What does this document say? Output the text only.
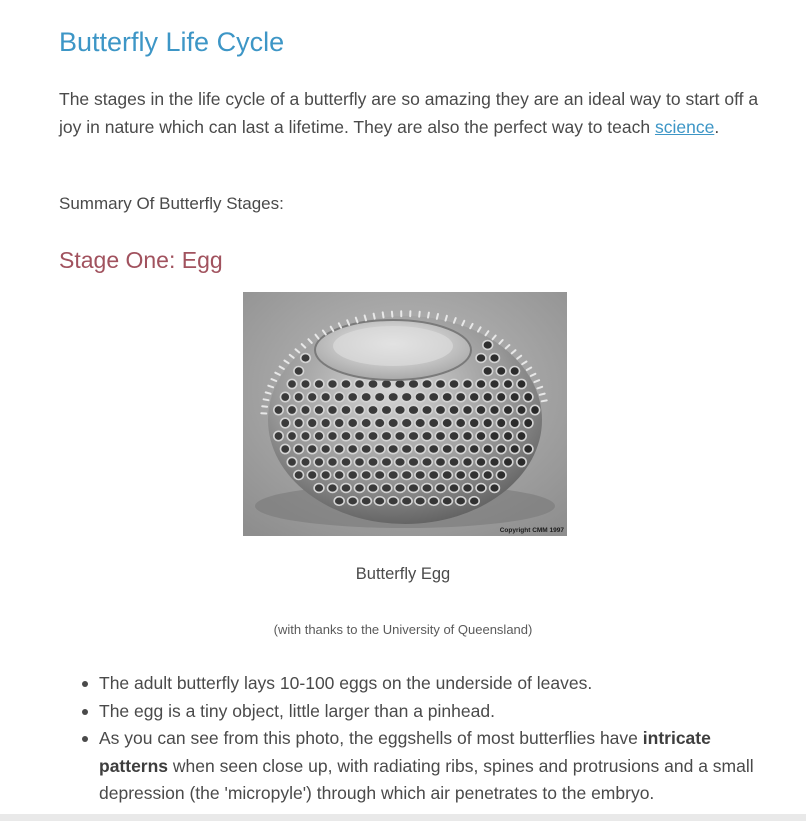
Butterfly Life Cycle

The stages in the life cycle of a butterfly are so amazing they are an ideal way to start off a joy in nature which can last a lifetime. They are also the perfect way to teach science.

Summary Of Butterfly Stages:

Stage One: Egg
Copyright CMM 1997

Butterfly Egg

(with thanks to the University of Queensland)

The adult butterfly lays 10-100 eggs on the underside of leaves.
The egg is a tiny object, little larger than a pinhead.
As you can see from this photo, the eggshells of most butterflies have intricate patterns when seen close up, with radiating ribs, spines and protrusions and a small depression (the 'micropyle') through which air penetrates to the embryo.
